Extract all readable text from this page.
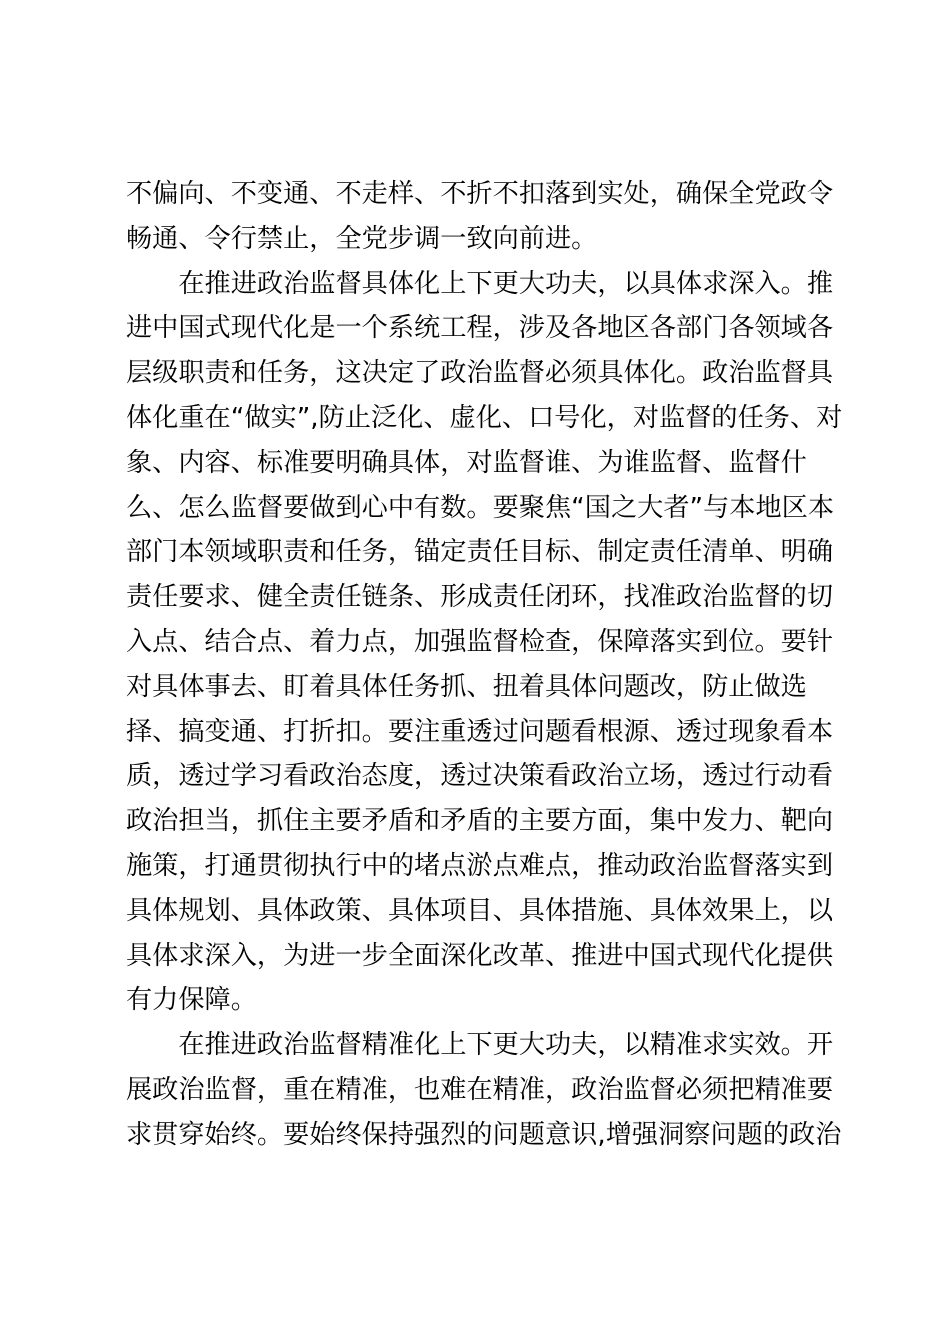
不偏向、不变通、不走样、不折不扣落到实处，确保全党政令
畅通、令行禁止，全党步调一致向前进。
　　在推进政治监督具体化上下更大功夫，以具体求深入。推
进中国式现代化是一个系统工程，涉及各地区各部门各领域各
层级职责和任务，这决定了政治监督必须具体化。政治监督具
体化重在“做实”,防止泛化、虚化、口号化，对监督的任务、对
象、内容、标准要明确具体，对监督谁、为谁监督、监督什
么、怎么监督要做到心中有数。要聚焦“国之大者”与本地区本
部门本领域职责和任务，锚定责任目标、制定责任清单、明确
责任要求、健全责任链条、形成责任闭环，找准政治监督的切
入点、结合点、着力点，加强监督检查，保障落实到位。要针
对具体事去、盯着具体任务抓、扭着具体问题改，防止做选
择、搞变通、打折扣。要注重透过问题看根源、透过现象看本
质，透过学习看政治态度，透过决策看政治立场，透过行动看
政治担当，抓住主要矛盾和矛盾的主要方面，集中发力、靶向
施策，打通贯彻执行中的堵点淤点难点，推动政治监督落实到
具体规划、具体政策、具体项目、具体措施、具体效果上，以
具体求深入，为进一步全面深化改革、推进中国式现代化提供
有力保障。
　　在推进政治监督精准化上下更大功夫，以精准求实效。开
展政治监督，重在精准，也难在精准，政治监督必须把精准要
求贯穿始终。要始终保持强烈的问题意识,增强洞察问题的政治
